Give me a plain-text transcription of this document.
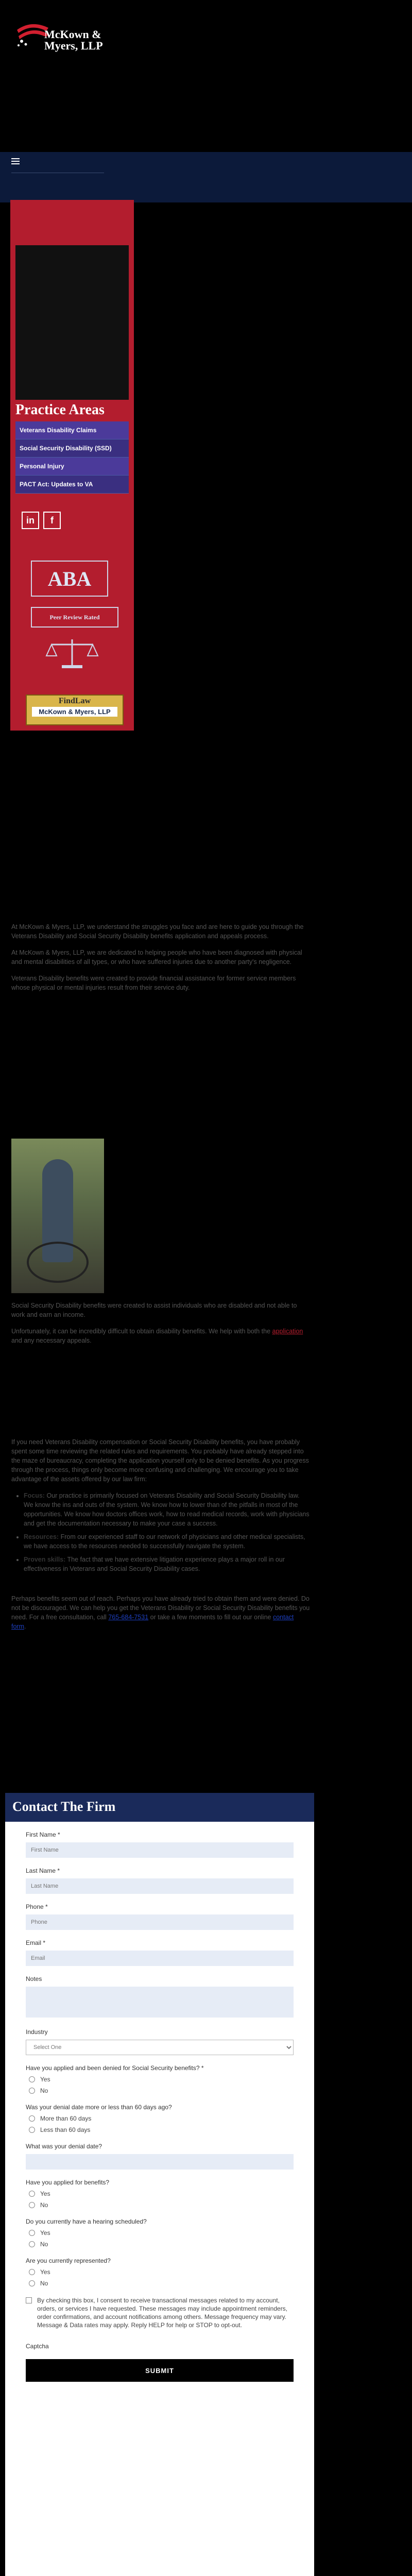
McKown &
Myers, LLP
Practice Areas
Veterans Disability Claims
Social Security Disability (SSD)
Personal Injury
PACT Act: Updates to VA
in	f
ABA
Peer Review Rated
FindLaw
McKown & Myers, LLP

At McKown & Myers, LLP, we understand the struggles you face and are here to guide you through the Veterans Disability and Social Security Disability benefits application and appeals process.

At McKown & Myers, LLP, we are dedicated to helping people who have been diagnosed with physical and mental disabilities of all types, or who have suffered injuries due to another party's negligence.

Veterans Disability benefits were created to provide financial assistance for former service members whose physical or mental injuries result from their service duty.

Social Security Disability benefits were created to assist individuals who are disabled and not able to work and earn an income.

Unfortunately, it can be incredibly difficult to obtain disability benefits. We help with both the application and any necessary appeals.

If you need Veterans Disability compensation or Social Security Disability benefits, you have probably spent some time reviewing the related rules and requirements. You probably have already stepped into the maze of bureaucracy, completing the application yourself only to be denied benefits. As you progress through the process, things only become more confusing and challenging. We encourage you to take advantage of the assets offered by our law firm:

• Focus: Our practice is primarily focused on Veterans Disability and Social Security Disability law. We know the ins and outs of the system. We know how to lower than of the pitfalls in most of the opportunities. We know how doctors offices work, how to read medical records, work with physicians and get the documentation necessary to make your case a success.
• Resources: From our experienced staff to our network of physicians and other medical specialists, we have access to the resources needed to successfully navigate the system.
• Proven skills: The fact that we have extensive litigation experience plays a major roll in our effectiveness in Veterans and Social Security Disability cases.

Perhaps benefits seem out of reach. Perhaps you have already tried to obtain them and were denied. Do not be discouraged. We can help you get the Veterans Disability or Social Security Disability benefits you need. For a free consultation, call 765-684-7531 or take a few moments to fill out our online contact form.

Contact The Firm
First Name *
First Name
Last Name *
Last Name
Phone *
Phone
Email *
Email
Notes
Industry
Select One
Have you applied and been denied for Social Security benefits? *
Yes
No
Was your denial date more or less than 60 days ago?
More than 60 days
Less than 60 days
What was your denial date?
Have you applied for benefits?
Yes
No
Do you currently have a hearing scheduled?
Yes
No
Are you currently represented?
Yes
No
By checking this box, I consent to receive transactional messages related to my account, orders, or services I have requested. These messages may include appointment reminders, order confirmations, and account notifications among others. Message frequency may vary. Message & Data rates may apply. Reply HELP for help or STOP to opt-out.
Captcha
SUBMIT
